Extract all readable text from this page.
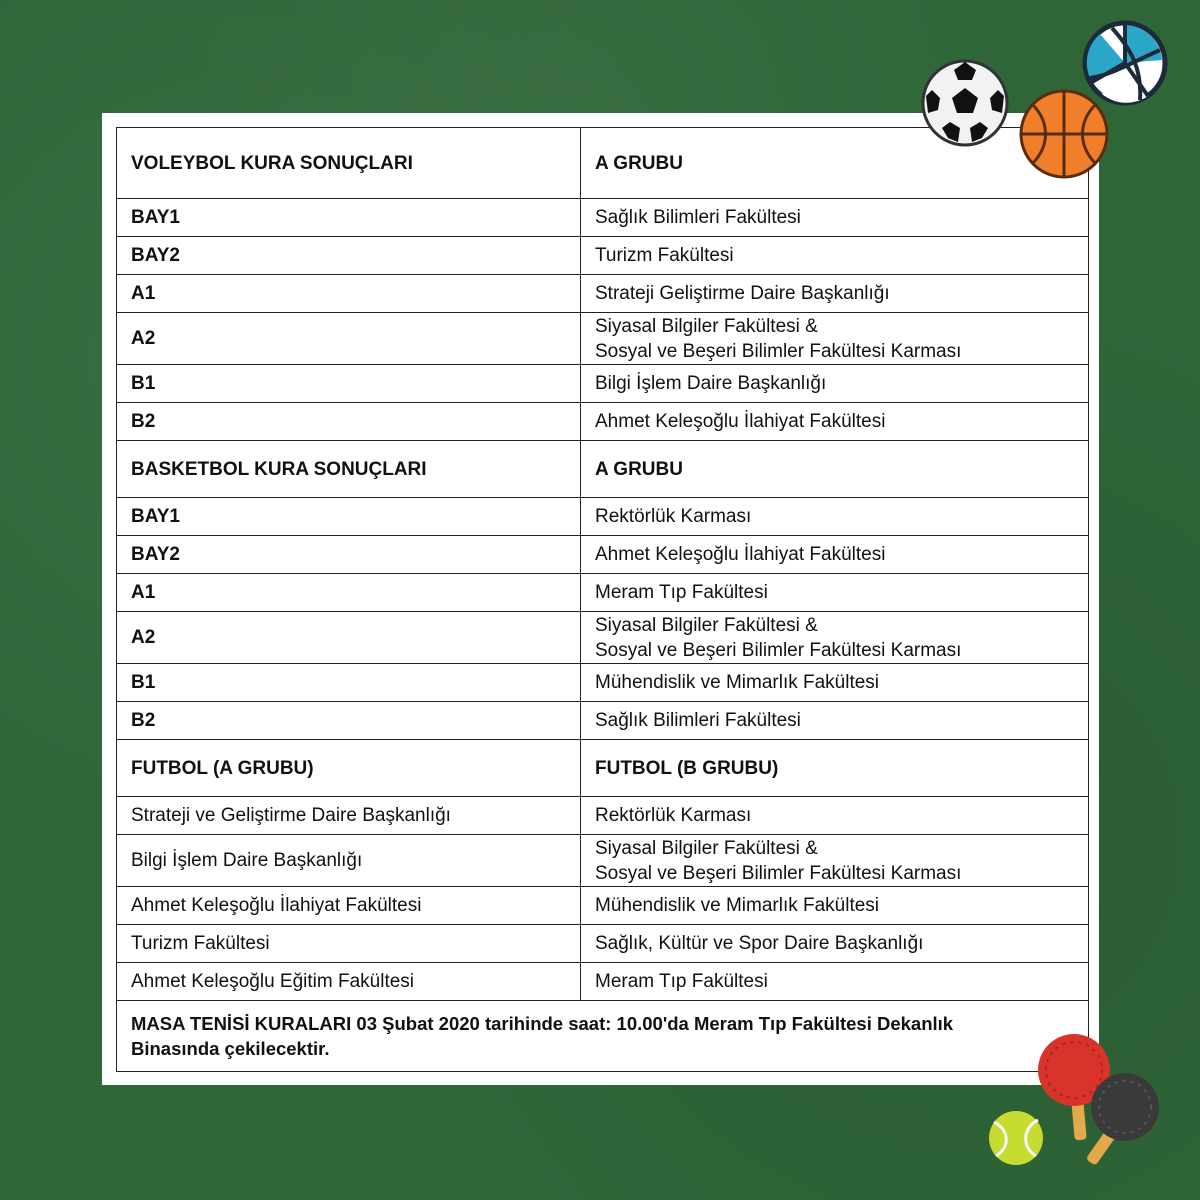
VOLEYBOL KURA SONUÇLARI	A GRUBU
BAY1	Sağlık Bilimleri Fakültesi
BAY2	Turizm Fakültesi
A1	Strateji Geliştirme Daire Başkanlığı
A2	Siyasal Bilgiler Fakültesi &
Sosyal ve Beşeri Bilimler Fakültesi Karması

B1	Bilgi İşlem Daire Başkanlığı
B2	Ahmet Keleşoğlu İlahiyat Fakültesi
BASKETBOL KURA SONUÇLARI	A GRUBU
BAY1	Rektörlük Karması
BAY2	Ahmet Keleşoğlu İlahiyat Fakültesi
A1	Meram Tıp Fakültesi
A2	Siyasal Bilgiler Fakültesi &
Sosyal ve Beşeri Bilimler Fakültesi Karması

B1	Mühendislik ve Mimarlık Fakültesi
B2	Sağlık Bilimleri Fakültesi
FUTBOL (A GRUBU)	FUTBOL (B GRUBU)
Strateji ve Geliştirme Daire Başkanlığı	Rektörlük Karması
Bilgi İşlem Daire Başkanlığı	Siyasal Bilgiler Fakültesi &
Sosyal ve Beşeri Bilimler Fakültesi Karması

Ahmet Keleşoğlu İlahiyat Fakültesi	Mühendislik ve Mimarlık Fakültesi
Turizm Fakültesi	Sağlık, Kültür ve Spor Daire Başkanlığı
Ahmet Keleşoğlu Eğitim Fakültesi	Meram Tıp Fakültesi

MASA TENİSİ KURALARI 03 Şubat 2020 tarihinde saat: 10.00'da Meram Tıp Fakültesi Dekanlık
Binasında çekilecektir.	
